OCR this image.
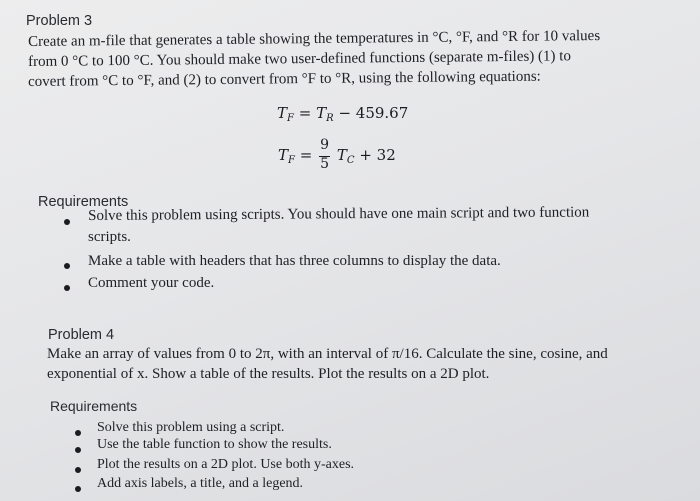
Problem 3
Create an m-file that generates a table showing the temperatures in °C, °F, and °R for 10 values
from 0 °C to 100 °C. You should make two user-defined functions (separate m-files) (1) to
covert from °C to °F, and (2) to convert from °F to °R, using the following equations:
$T_F = T_R - 459.67$
$T_F = \frac{9}{5} T_C + 32$
Requirements
Solve this problem using scripts. You should have one main script and two function
scripts.
Make a table with headers that has three columns to display the data.
Comment your code.
Problem 4
Make an array of values from 0 to 2π, with an interval of π/16. Calculate the sine, cosine, and
exponential of x. Show a table of the results. Plot the results on a 2D plot.
Requirements
Solve this problem using a script.
Use the table function to show the results.
Plot the results on a 2D plot. Use both y-axes.
Add axis labels, a title, and a legend.
